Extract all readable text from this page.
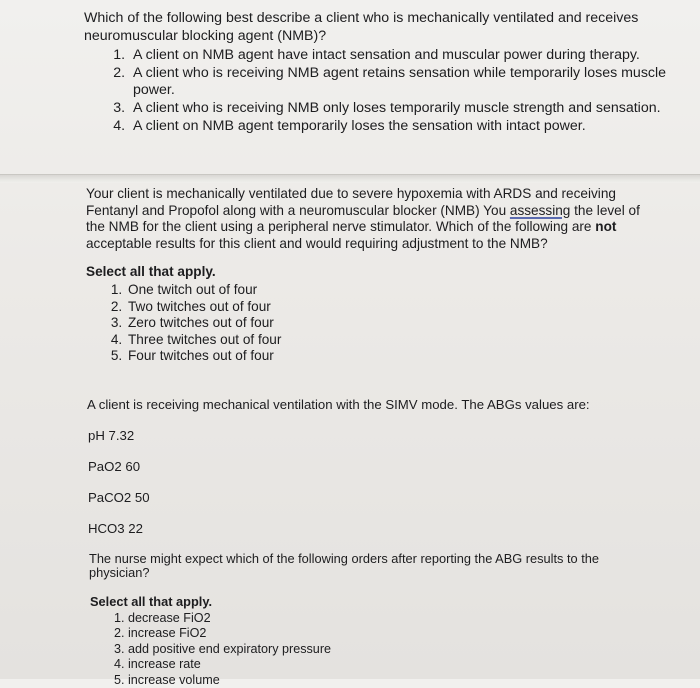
Which of the following best describe a client who is mechanically ventilated and receives neuromuscular blocking agent (NMB)?

1. A client on NMB agent have intact sensation and muscular power during therapy.
2. A client who is receiving NMB agent retains sensation while temporarily loses muscle power.
3. A client who is receiving NMB only loses temporarily muscle strength and sensation.
4. A client on NMB agent temporarily loses the sensation with intact power.

Your client is mechanically ventilated due to severe hypoxemia with ARDS and receiving Fentanyl and Propofol along with a neuromuscular blocker (NMB) You assessing the level of the NMB for the client using a peripheral nerve stimulator. Which of the following are not acceptable results for this client and would requiring adjustment to the NMB?

Select all that apply.
1. One twitch out of four
2. Two twitches out of four
3. Zero twitches out of four
4. Three twitches out of four
5. Four twitches out of four

A client is receiving mechanical ventilation with the SIMV mode. The ABGs values are:

pH 7.32

PaO2 60

PaCO2 50

HCO3 22

The nurse might expect which of the following orders after reporting the ABG results to the physician?

Select all that apply.
1. decrease FiO2
2. increase FiO2
3. add positive end expiratory pressure
4. increase rate
5. increase volume
